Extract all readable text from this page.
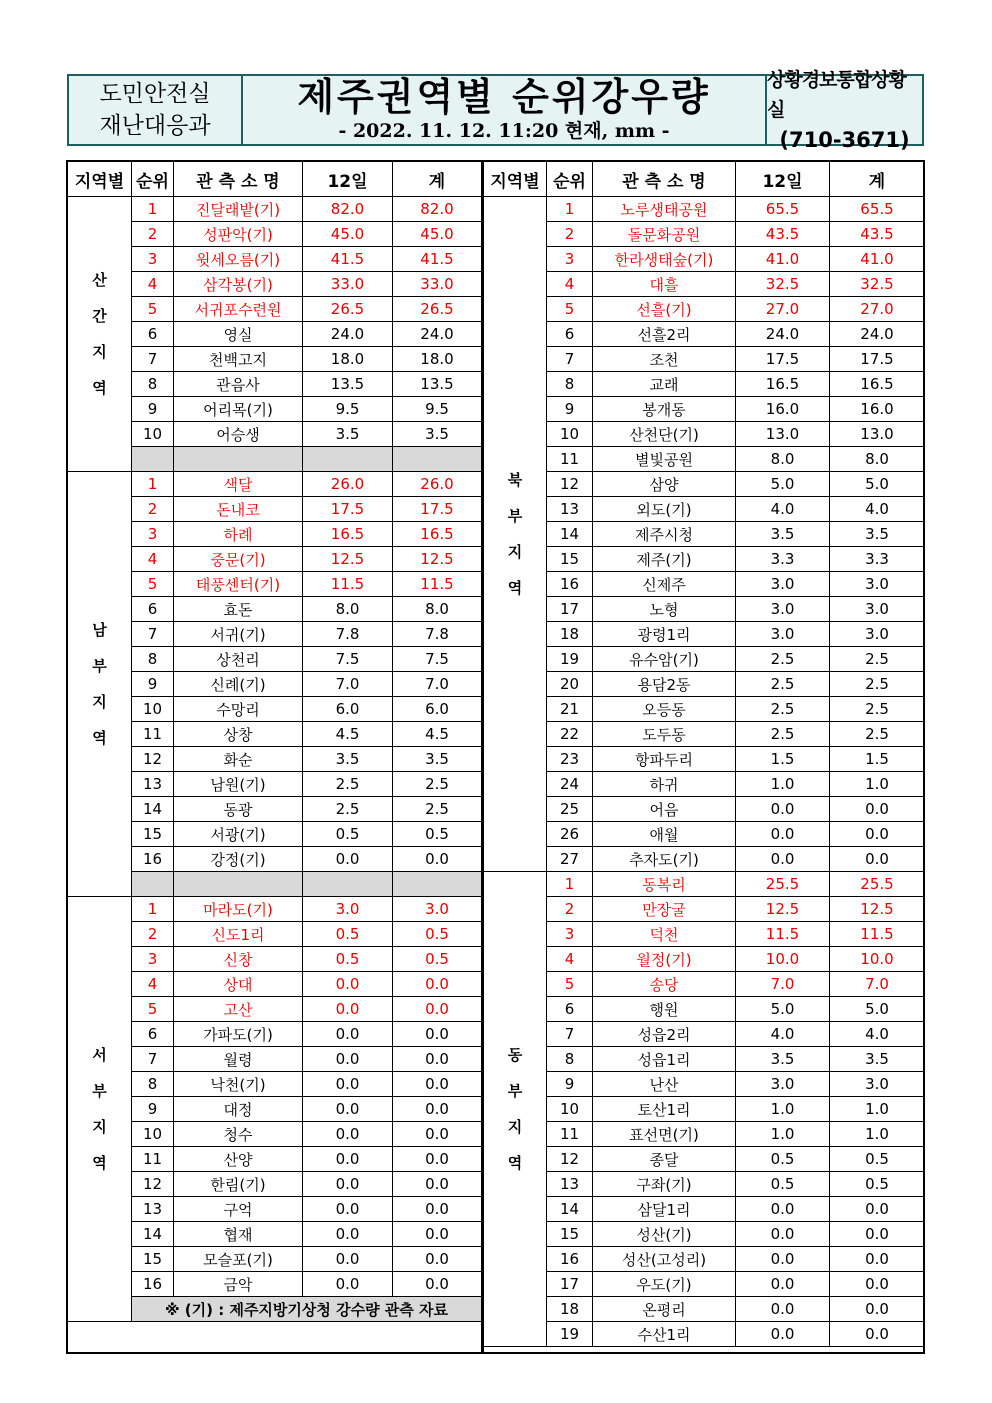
도민안전실
재난대응과
제주권역별 순위강우량
- 2022. 11. 12. 11:20 현재, mm -
상황경보통합상황실
(710-3671)
지역별	순위	관 측 소 명	12일	계

산
간
지
역	1	진달래밭(기)	82.0	82.0
	2	성판악(기)	45.0	45.0
	3	윗세오름(기)	41.5	41.5
	4	삼각봉(기)	33.0	33.0
	5	서귀포수련원	26.5	26.5
	6	영실	24.0	24.0
	7	천백고지	18.0	18.0
	8	관음사	13.5	13.5
	9	어리목(기)	9.5	9.5
	10	어승생	3.5	3.5

남
부
지
역	1	색달	26.0	26.0
	2	돈내코	17.5	17.5
	3	하례	16.5	16.5
	4	중문(기)	12.5	12.5
	5	태풍센터(기)	11.5	11.5
	6	효돈	8.0	8.0
	7	서귀(기)	7.8	7.8
	8	상천리	7.5	7.5
	9	신례(기)	7.0	7.0
	10	수망리	6.0	6.0
	11	상창	4.5	4.5
	12	화순	3.5	3.5
	13	남원(기)	2.5	2.5
	14	동광	2.5	2.5
	15	서광(기)	0.5	0.5
	16	강정(기)	0.0	0.0

서
부
지
역	1	마라도(기)	3.0	3.0
	2	신도1리	0.5	0.5
	3	신창	0.5	0.5
	4	상대	0.0	0.0
	5	고산	0.0	0.0
	6	가파도(기)	0.0	0.0
	7	월령	0.0	0.0
	8	낙천(기)	0.0	0.0
	9	대정	0.0	0.0
	10	청수	0.0	0.0
	11	산양	0.0	0.0
	12	한림(기)	0.0	0.0
	13	구억	0.0	0.0
	14	협재	0.0	0.0
	15	모슬포(기)	0.0	0.0
	16	금악	0.0	0.0
	※ (기) : 제주지방기상청 강수량 관측 자료			

지역별	순위	관 측 소 명	12일	계

북
부
지
역	1	노루생태공원	65.5	65.5
	2	돌문화공원	43.5	43.5
	3	한라생태숲(기)	41.0	41.0
	4	대흘	32.5	32.5
	5	선흘(기)	27.0	27.0
	6	선흘2리	24.0	24.0
	7	조천	17.5	17.5
	8	교래	16.5	16.5
	9	봉개동	16.0	16.0
	10	산천단(기)	13.0	13.0
	11	별빛공원	8.0	8.0
	12	삼양	5.0	5.0
	13	외도(기)	4.0	4.0
	14	제주시청	3.5	3.5
	15	제주(기)	3.3	3.3
	16	신제주	3.0	3.0
	17	노형	3.0	3.0
	18	광령1리	3.0	3.0
	19	유수암(기)	2.5	2.5
	20	용담2동	2.5	2.5
	21	오등동	2.5	2.5
	22	도두동	2.5	2.5
	23	항파두리	1.5	1.5
	24	하귀	1.0	1.0
	25	어음	0.0	0.0
	26	애월	0.0	0.0
	27	추자도(기)	0.0	0.0

동
부
지
역	1	동복리	25.5	25.5
	2	만장굴	12.5	12.5
	3	덕천	11.5	11.5
	4	월정(기)	10.0	10.0
	5	송당	7.0	7.0
	6	행원	5.0	5.0
	7	성읍2리	4.0	4.0
	8	성읍1리	3.5	3.5
	9	난산	3.0	3.0
	10	토산1리	1.0	1.0
	11	표선면(기)	1.0	1.0
	12	종달	0.5	0.5
	13	구좌(기)	0.5	0.5
	14	삼달1리	0.0	0.0
	15	성산(기)	0.0	0.0
	16	성산(고성리)	0.0	0.0
	17	우도(기)	0.0	0.0
	18	온평리	0.0	0.0
	19	수산1리	0.0	0.0
